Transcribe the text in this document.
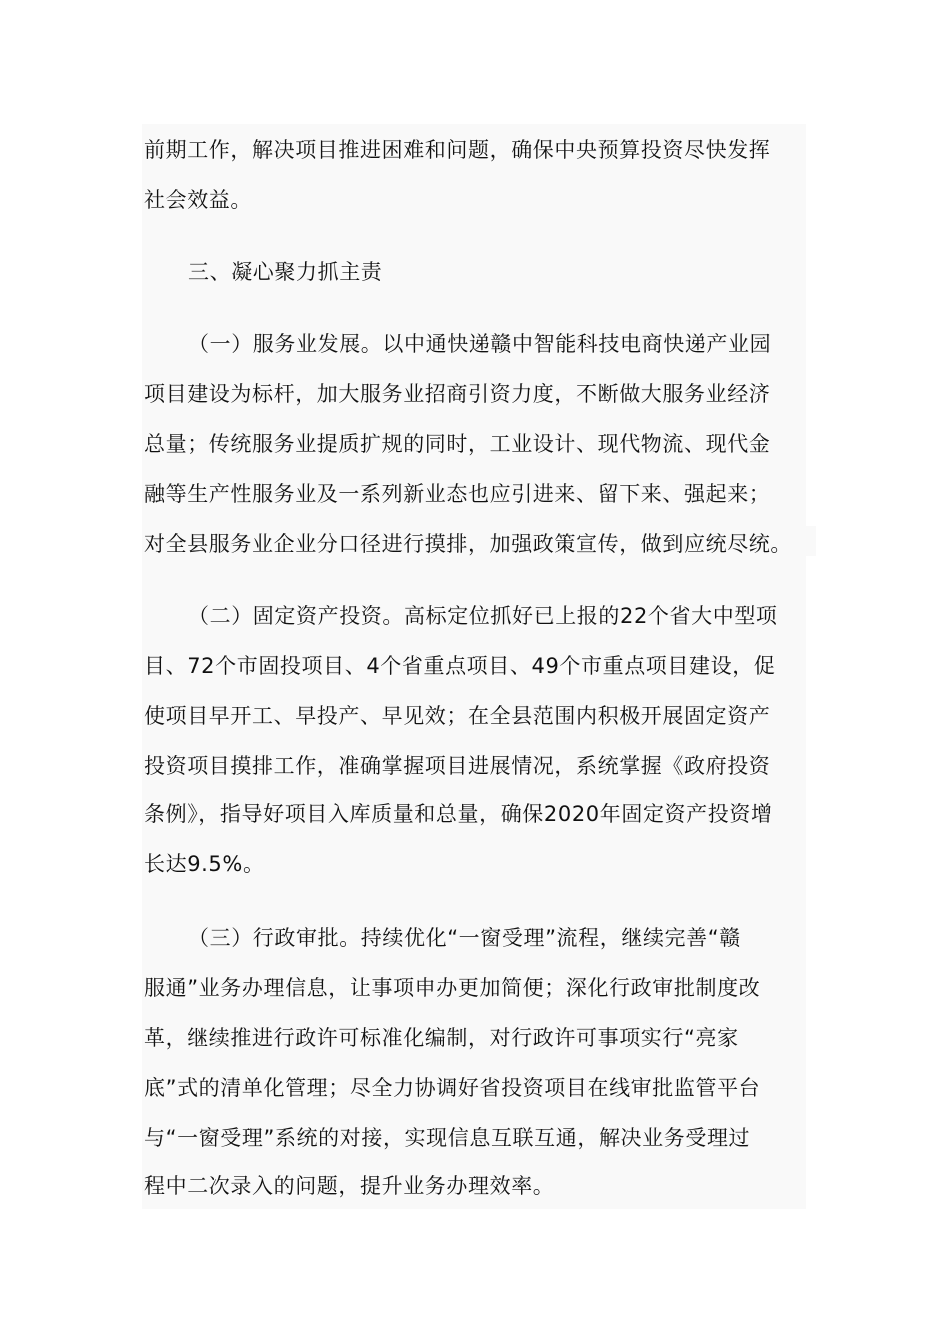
前期工作，解决项目推进困难和问题，确保中央预算投资尽快发挥
社会效益。
三、凝心聚力抓主责
（一）服务业发展。以中通快递赣中智能科技电商快递产业园
项目建设为标杆，加大服务业招商引资力度，不断做大服务业经济
总量；传统服务业提质扩规的同时，工业设计、现代物流、现代金
融等生产性服务业及一系列新业态也应引进来、留下来、强起来；
对全县服务业企业分口径进行摸排，加强政策宣传，做到应统尽统。
（二）固定资产投资。高标定位抓好已上报的22个省大中型项
目、72个市固投项目、4个省重点项目、49个市重点项目建设，促
使项目早开工、早投产、早见效；在全县范围内积极开展固定资产
投资项目摸排工作，准确掌握项目进展情况，系统掌握《政府投资
条例》，指导好项目入库质量和总量，确保2020年固定资产投资增
长达9.5%。
（三）行政审批。持续优化“一窗受理”流程，继续完善“赣
服通”业务办理信息，让事项申办更加简便；深化行政审批制度改
革，继续推进行政许可标准化编制，对行政许可事项实行“亮家
底”式的清单化管理；尽全力协调好省投资项目在线审批监管平台
与“一窗受理”系统的对接，实现信息互联互通，解决业务受理过
程中二次录入的问题，提升业务办理效率。
